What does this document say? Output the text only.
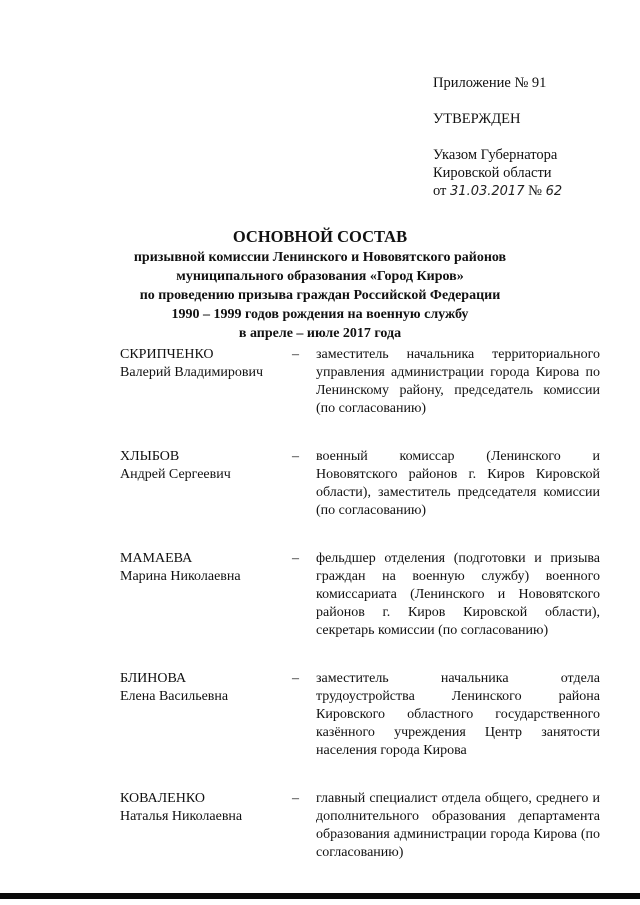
Приложение № 91
УТВЕРЖДЕН
Указом Губернатора
Кировской области
от 31.03.2017 № 62
ОСНОВНОЙ СОСТАВ
призывной комиссии Ленинского и Нововятского районов
муниципального образования «Город Киров»
по проведению призыва граждан Российской Федерации
1990 – 1999 годов рождения на военную службу
в апреле – июле 2017 года
СКРИПЧЕНКО
Валерий Владимирович
–	заместитель начальника территориального управления администрации города Кирова по Ленинскому району, председатель комиссии (по согласованию)
ХЛЫБОВ
Андрей Сергеевич
–	военный комиссар (Ленинского и Нововятского районов г. Киров Кировской области), заместитель председателя комиссии (по согласованию)
МАМАЕВА
Марина Николаевна
–	фельдшер отделения (подготовки и призыва граждан на военную службу) военного комиссариата (Ленинского и Нововятского районов г. Киров Кировской области), секретарь комиссии (по согласованию)
БЛИНОВА
Елена Васильевна
–	заместитель начальника отдела трудоустройства Ленинского района Кировского областного государственного казённого учреждения Центр занятости населения города Кирова
КОВАЛЕНКО
Наталья Николаевна
–	главный специалист отдела общего, среднего и дополнительного образования департамента образования администрации города Кирова (по согласованию)
